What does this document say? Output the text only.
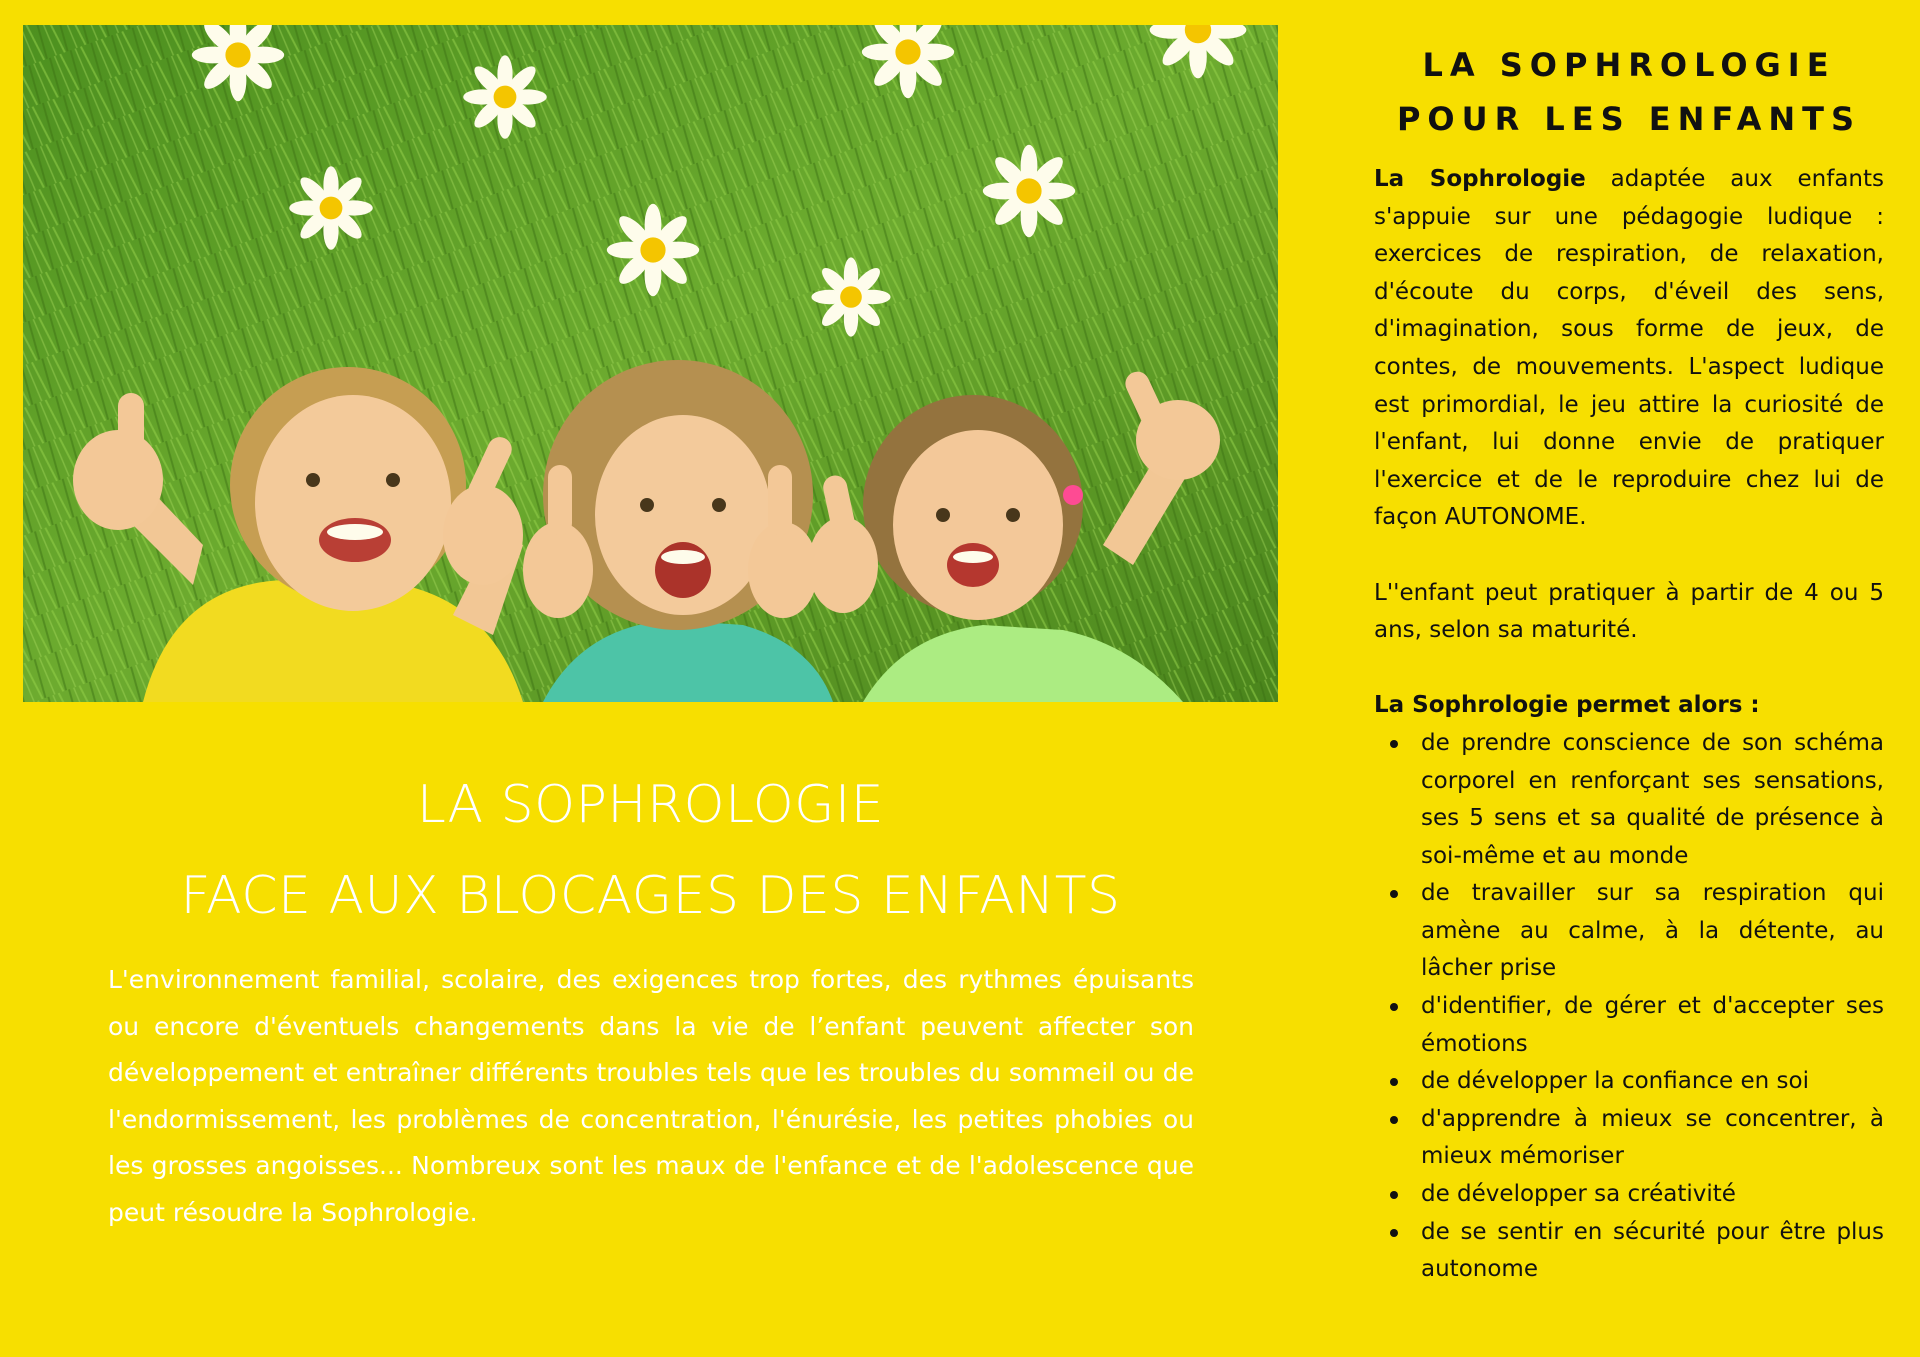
LA SOPHROLOGIE
FACE AUX BLOCAGES DES ENFANTS
L'environnement familial, scolaire, des exigences trop fortes, des rythmes épuisants ou encore d'éventuels changements dans la vie de l’enfant peuvent affecter son développement et entraîner différents troubles tels que les troubles du sommeil ou de l'endormissement, les problèmes de concentration, l'énurésie, les petites phobies ou les grosses angoisses... Nombreux sont les maux de l'enfance et de l'adolescence que peut résoudre la Sophrologie.
LA SOPHROLOGIE
POUR LES ENFANTS

La Sophrologie adaptée aux enfants s'appuie sur une pédagogie ludique : exercices de respiration, de relaxation, d'écoute du corps, d'éveil des sens, d'imagination, sous forme de jeux, de contes, de mouvements. L'aspect ludique est primordial, le jeu attire la curiosité de l'enfant, lui donne envie de pratiquer l'exercice et de le reproduire chez lui de façon AUTONOME.

L''enfant peut pratiquer à partir de 4 ou 5 ans, selon sa maturité.

La Sophrologie permet alors :

de prendre conscience de son schéma corporel en renforçant ses sensations, ses 5 sens et sa qualité de présence à soi-même et au monde
de travailler sur sa respiration qui amène au calme, à la détente, au lâcher prise
d'identifier, de gérer et d'accepter ses émotions
de développer la confiance en soi
d'apprendre à mieux se concentrer, à mieux mémoriser
de développer sa créativité
de se sentir en sécurité pour être plus autonome
